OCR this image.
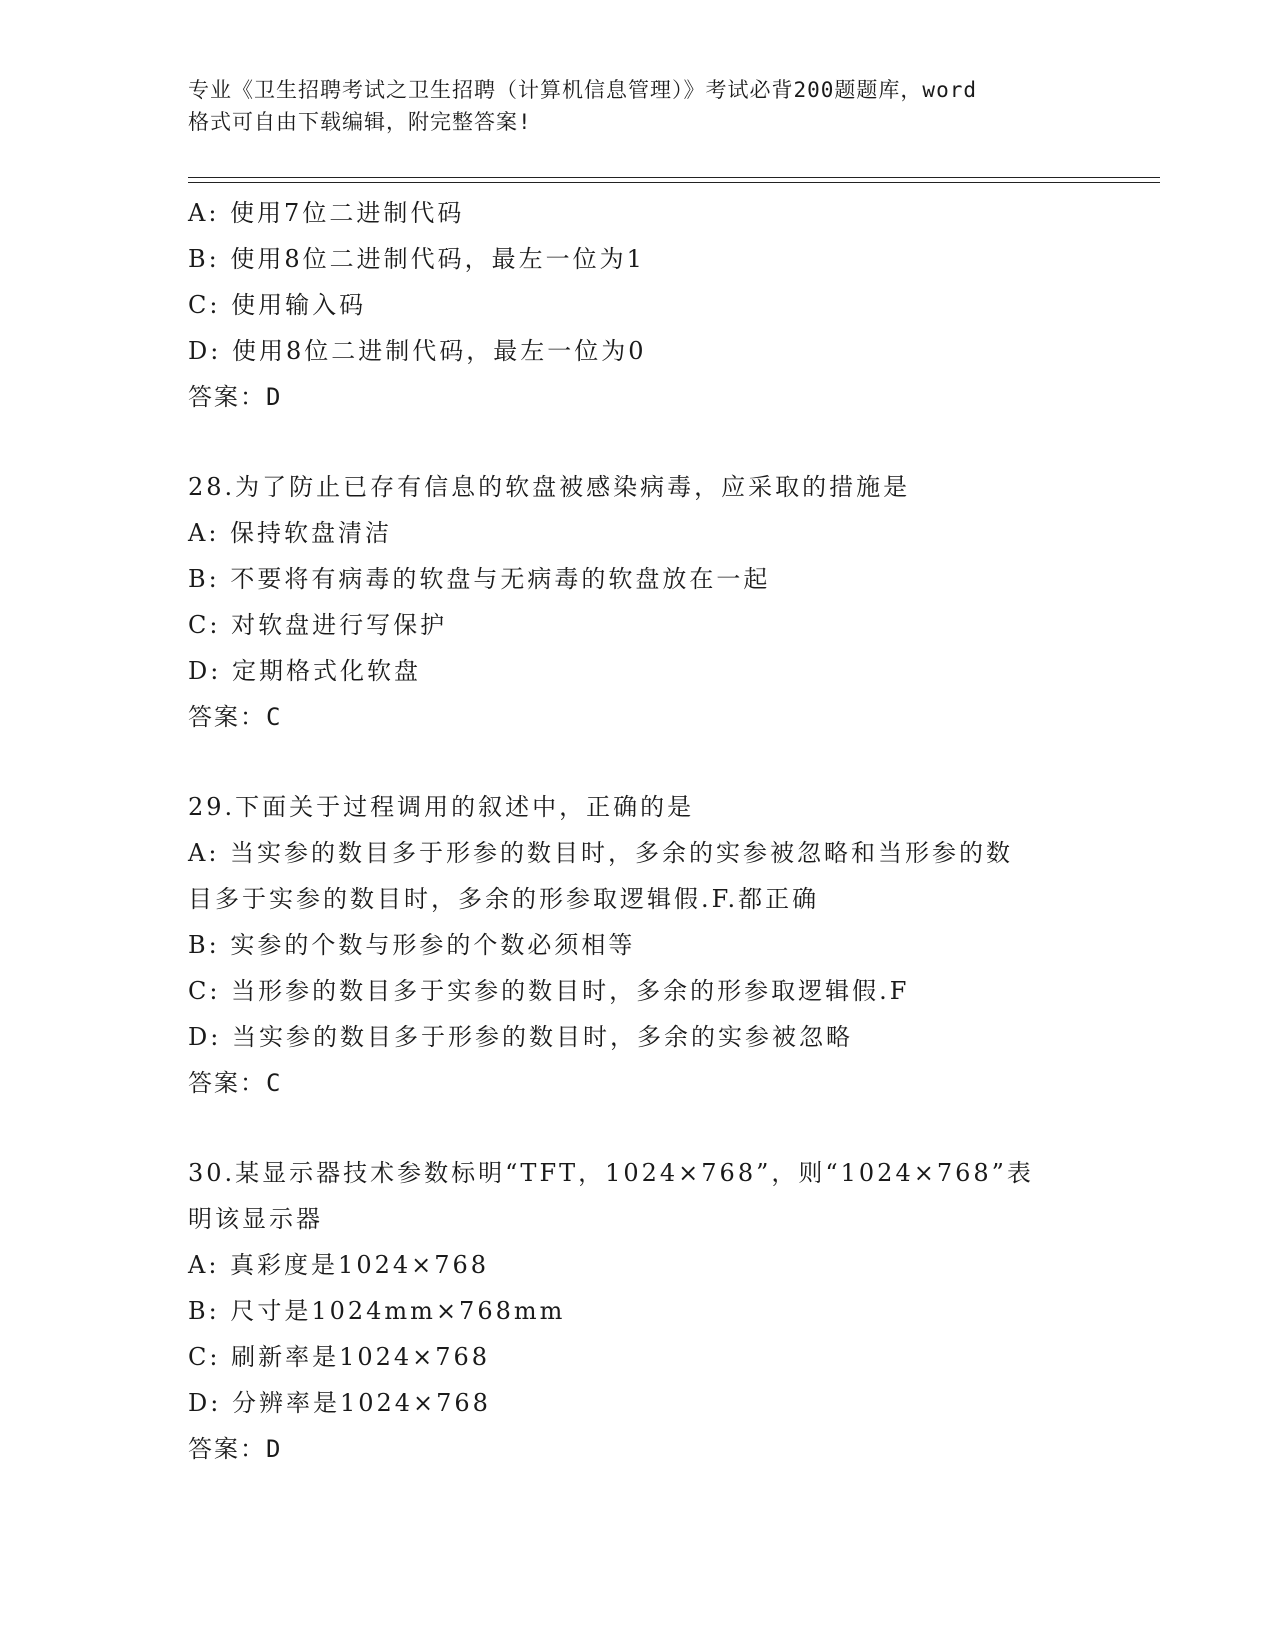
专业《卫生招聘考试之卫生招聘（计算机信息管理）》考试必背200题题库，word
格式可自由下载编辑，附完整答案!
A: 使用7位二进制代码
B: 使用8位二进制代码，最左一位为1
C: 使用输入码
D: 使用8位二进制代码，最左一位为0
答案：D
28.为了防止已存有信息的软盘被感染病毒，应采取的措施是
A: 保持软盘清洁
B: 不要将有病毒的软盘与无病毒的软盘放在一起
C: 对软盘进行写保护
D: 定期格式化软盘
答案：C
29.下面关于过程调用的叙述中，正确的是
A: 当实参的数目多于形参的数目时，多余的实参被忽略和当形参的数
目多于实参的数目时，多余的形参取逻辑假.F.都正确
B: 实参的个数与形参的个数必须相等
C: 当形参的数目多于实参的数目时，多余的形参取逻辑假.F
D: 当实参的数目多于形参的数目时，多余的实参被忽略
答案：C
30.某显示器技术参数标明“TFT，1024×768”，则“1024×768”表
明该显示器
A: 真彩度是1024×768
B: 尺寸是1024mm×768mm
C: 刷新率是1024×768
D: 分辨率是1024×768
答案：D
